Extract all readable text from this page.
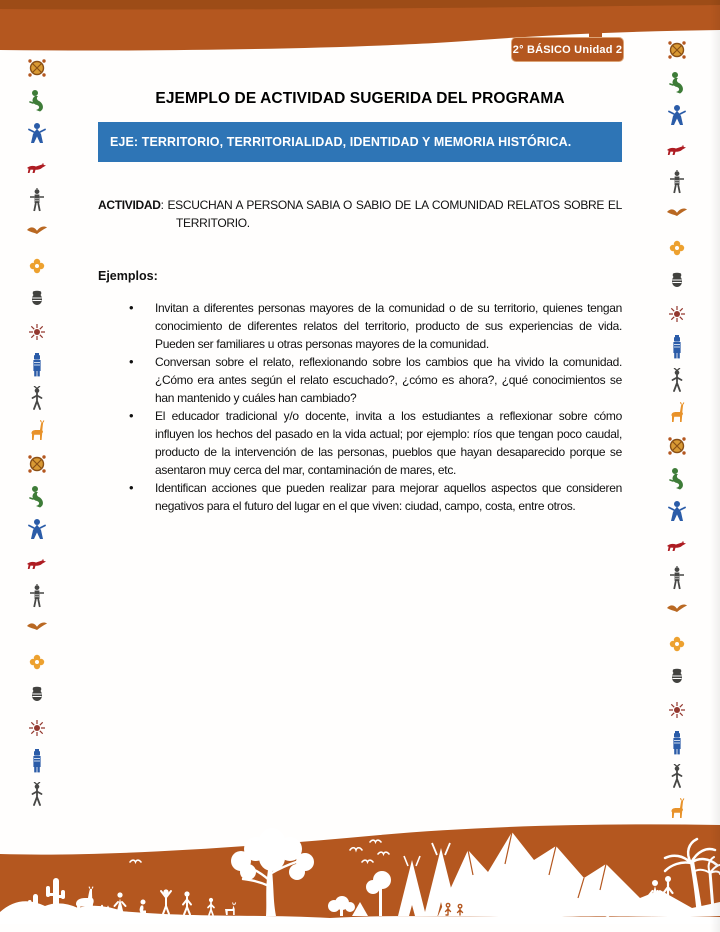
2° BÁSICO Unidad 2
EJEMPLO DE ACTIVIDAD SUGERIDA DEL PROGRAMA
EJE: TERRITORIO, TERRITORIALIDAD, IDENTIDAD Y MEMORIA HISTÓRICA.

ACTIVIDAD: ESCUCHAN A PERSONA SABIA O SABIO DE LA COMUNIDAD RELATOS SOBRE EL TERRITORIO.

Ejemplos:

• Invitan a diferentes personas mayores de la comunidad o de su territorio, quienes tengan conocimiento de diferentes relatos del territorio, producto de sus experiencias de vida. Pueden ser familiares u otras personas mayores de la comunidad.
• Conversan sobre el relato, reflexionando sobre los cambios que ha vivido la comunidad. ¿Cómo era antes según el relato escuchado?, ¿cómo es ahora?, ¿qué conocimientos se han mantenido y cuáles han cambiado?
• El educador tradicional y/o docente, invita a los estudiantes a reflexionar sobre cómo influyen los hechos del pasado en la vida actual; por ejemplo: ríos que tengan poco caudal, producto de la intervención de las personas, pueblos que hayan desaparecido porque se asentaron muy cerca del mar, contaminación de mares, etc.
• Identifican acciones que pueden realizar para mejorar aquellos aspectos que consideren negativos para el futuro del lugar en el que viven: ciudad, campo, costa, entre otros.
